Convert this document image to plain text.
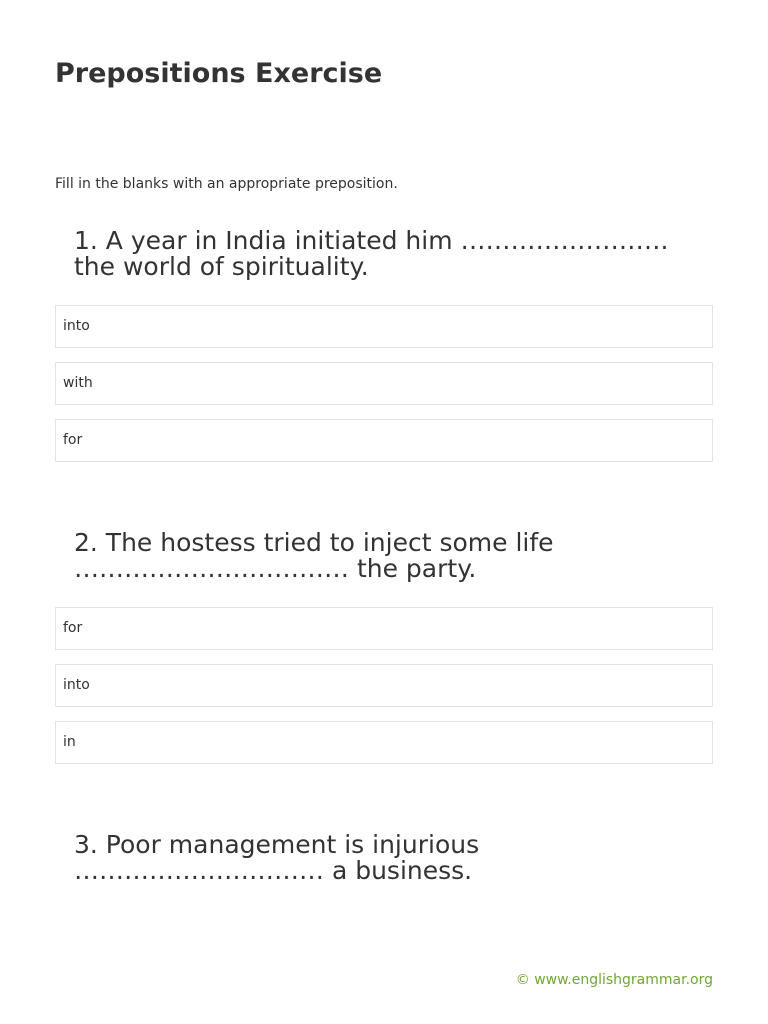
Prepositions Exercise

Fill in the blanks with an appropriate preposition.

1. A year in India initiated him ……………………. the world of spirituality.
into
with
for
2. The hostess tried to inject some life …………………………… the party.
for
into
in
3. Poor management is injurious ………………………… a business.
© www.englishgrammar.org
